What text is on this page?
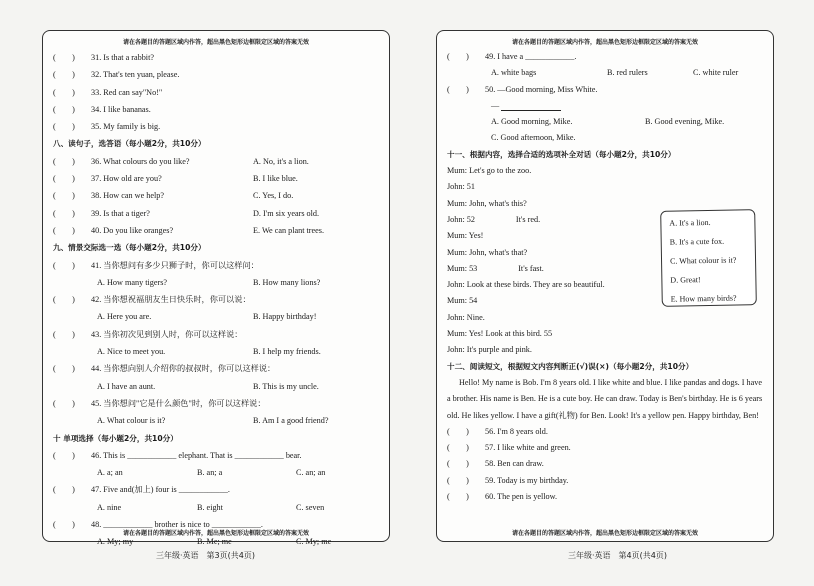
请在各题目的答题区域内作答，超出黑色矩形边框限定区域的答案无效
(　　) 31. Is that a rabbit?
(　　) 32. That's ten yuan, please.
(　　) 33. Red can say"No!"
(　　) 34. I like bananas.
(　　) 35. My family is big.
八、读句子，选答语（每小题2分，共10分）
(　　) 36. What colours do you like?	A. No, it's a lion.
(　　) 37. How old are you?	B. I like blue.
(　　) 38. How can we help?	C. Yes, I do.
(　　) 39. Is that a tiger?	D. I'm six years old.
(　　) 40. Do you like oranges?	E. We can plant trees.
九、情景交际选一选（每小题2分，共10分）
(　　) 41. 当你想问有多少只狮子时，你可以这样问：
A. How many tigers?	B. How many lions?
(　　) 42. 当你想祝福朋友生日快乐时，你可以说：
A. Here you are.	B. Happy birthday!
(　　) 43. 当你初次见到别人时，你可以这样说：
A. Nice to meet you.	B. I help my friends.
(　　) 44. 当你想向别人介绍你的叔叔时，你可以这样说：
A. I have an aunt.	B. This is my uncle.
(　　) 45. 当你想问"它是什么颜色"时，你可以这样说：
A. What colour is it?	B. Am I a good friend?
十 单项选择（每小题2分，共10分）
(　　) 46. This is ____________ elephant. That is ____________ bear.
A. a; an	B. an; a	C. an; an
(　　) 47. Five and(加上) four is ____________.
A. nine	B. eight	C. seven
(　　) 48. ____________ brother is nice to ____________.
A. My; my	B. Me; me	C. My; me
请在各题目的答题区域内作答，超出黑色矩形边框限定区域的答案无效
请在各题目的答题区域内作答，超出黑色矩形边框限定区域的答案无效
(　　) 49. I have a ____________.
A. white bags	B. red rulers	C. white ruler
(　　) 50. —Good morning, Miss White.
—
A. Good morning, Mike.	B. Good evening, Mike.
C. Good afternoon, Mike.
十一、根据内容，选择合适的选项补全对话（每小题2分，共10分）
Mum: Let's go to the zoo.
John: 51
Mum: John, what's this?
John: 52　　　　　It's red.
Mum: Yes!
Mum: John, what's that?
Mum: 53　　　　　It's fast.
John: Look at these birds. They are so beautiful.
Mum: 54
John: Nine.
Mum: Yes! Look at this bird. 55
John: It's purple and pink.
十二、阅读短文，根据短文内容判断正(√)误(×)（每小题2分，共10分）
Hello! My name is Bob. I'm 8 years old. I like white and blue. I like pandas and dogs. I have a brother. His name is Ben. He is a cute boy. He can draw. Today is Ben's birthday. He is 6 years old. He likes yellow. I have a gift(礼物) for Ben. Look! It's a yellow pen. Happy birthday, Ben!
(　　) 56. I'm 8 years old.
(　　) 57. I like white and green.
(　　) 58. Ben can draw.
(　　) 59. Today is my birthday.
(　　) 60. The pen is yellow.
A. It's a lion.
B. It's a cute fox.
C. What colour is it?
D. Great!
E. How many birds?
请在各题目的答题区域内作答，超出黑色矩形边框限定区域的答案无效
三年级·英语　第3页(共4页)	三年级·英语　第4页(共4页)
